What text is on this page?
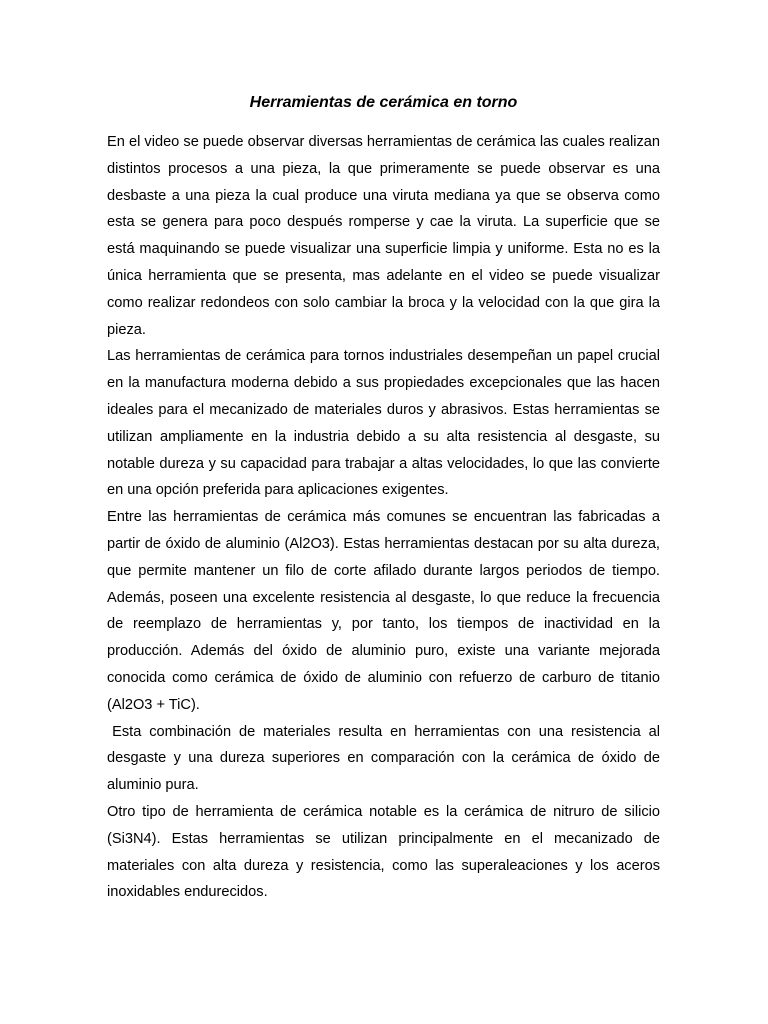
Herramientas de cerámica en torno

En el video se puede observar diversas herramientas de cerámica las cuales realizan distintos procesos a una pieza, la que primeramente se puede observar es una desbaste a una pieza la cual produce una viruta mediana ya que se observa como esta se genera para poco después romperse y cae la viruta. La superficie que se está maquinando se puede visualizar una superficie limpia y uniforme. Esta no es la única herramienta que se presenta, mas adelante en el video se puede visualizar como realizar redondeos con solo cambiar la broca y la velocidad con la que gira la pieza.

Las herramientas de cerámica para tornos industriales desempeñan un papel crucial en la manufactura moderna debido a sus propiedades excepcionales que las hacen ideales para el mecanizado de materiales duros y abrasivos. Estas herramientas se utilizan ampliamente en la industria debido a su alta resistencia al desgaste, su notable dureza y su capacidad para trabajar a altas velocidades, lo que las convierte en una opción preferida para aplicaciones exigentes.

Entre las herramientas de cerámica más comunes se encuentran las fabricadas a partir de óxido de aluminio (Al2O3). Estas herramientas destacan por su alta dureza, que permite mantener un filo de corte afilado durante largos periodos de tiempo. Además, poseen una excelente resistencia al desgaste, lo que reduce la frecuencia de reemplazo de herramientas y, por tanto, los tiempos de inactividad en la producción. Además del óxido de aluminio puro, existe una variante mejorada conocida como cerámica de óxido de aluminio con refuerzo de carburo de titanio (Al2O3 + TiC).

Esta combinación de materiales resulta en herramientas con una resistencia al desgaste y una dureza superiores en comparación con la cerámica de óxido de aluminio pura.

Otro tipo de herramienta de cerámica notable es la cerámica de nitruro de silicio (Si3N4). Estas herramientas se utilizan principalmente en el mecanizado de materiales con alta dureza y resistencia, como las superaleaciones y los aceros inoxidables endurecidos.
